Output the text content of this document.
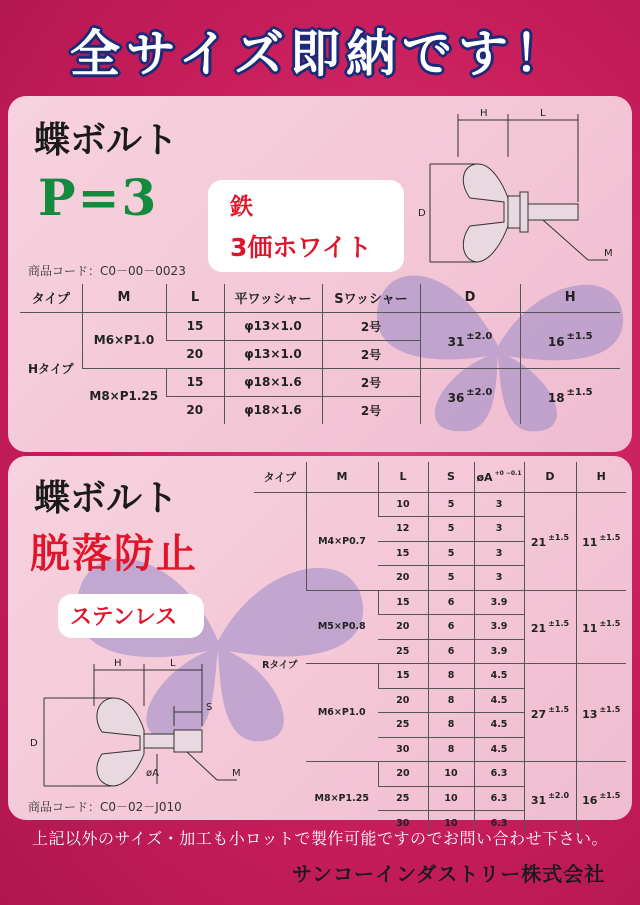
全サイズ即納です！
蝶ボルト
P=3	鉄
3価ホワイト
商品コード：C0－00－0023
H	L
D
M
タイプ	M	L	平ワッシャー	Sワッシャー	D	H
Hタイプ	M6×P1.0	15	φ13×1.0	2号	31 $^{\pm 2.0}$	16 $^{\pm 1.5}$
		20	φ13×1.0	2号		
	M8×P1.25	15	φ18×1.6	2号	36 $^{\pm 2.0}$	18 $^{\pm 1.5}$
		20	φ18×1.6	2号		
蝶ボルト
脱落防止
ステンレス
商品コード：C0－02－J010
H	L
S
D
øA	M
タイプ	M	L	S	øA $^{+0 -0.1}$	D	H
Rタイプ	M4×P0.7	10	5	3	21 $^{\pm 1.5}$	11 $^{\pm 1.5}$
		12	5	3		
		15	5	3		
		20	5	3		
	M5×P0.8	15	6	3.9	21 $^{\pm 1.5}$	11 $^{\pm 1.5}$
		20	6	3.9		
		25	6	3.9		
	M6×P1.0	15	8	4.5	27 $^{\pm 1.5}$	13 $^{\pm 1.5}$
		20	8	4.5		
		25	8	4.5		
		30	8	4.5		
	M8×P1.25	20	10	6.3	31 $^{\pm 2.0}$	16 $^{\pm 1.5}$
		25	10	6.3		
		30	10	6.3		
上記以外のサイズ・加工も小ロットで製作可能ですのでお問い合わせ下さい。
サンコーインダストリー株式会社
